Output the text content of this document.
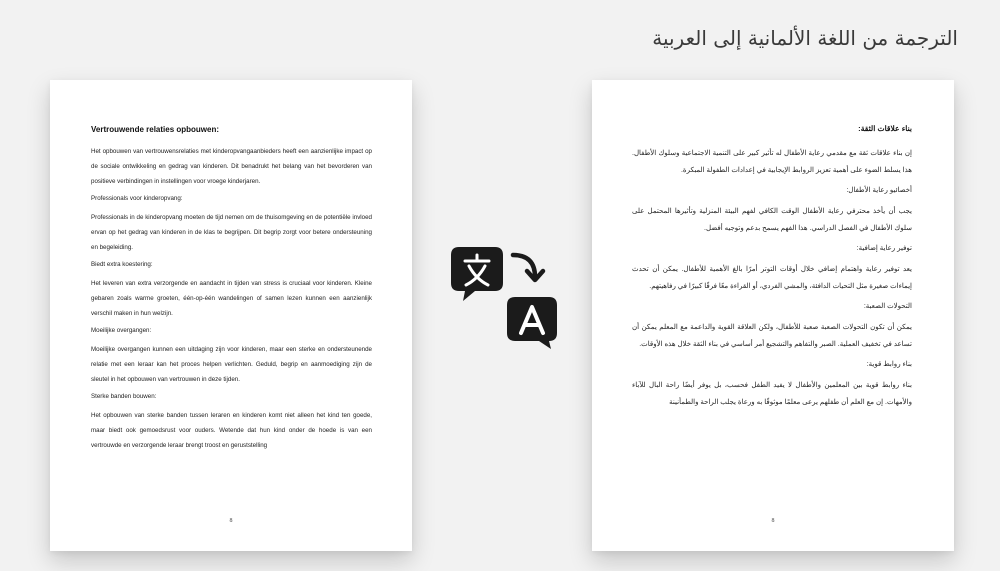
الترجمة من اللغة الألمانية إلى العربية
Vertrouwende relaties opbouwen:
Het opbouwen van vertrouwensrelaties met kinderopvangaanbieders heeft een aanzienlijke impact op de sociale ontwikkeling en gedrag van kinderen. Dit benadrukt het belang van het bevorderen van positieve verbindingen in instellingen voor vroege kinderjaren.
Professionals voor kinderopvang:
Professionals in de kinderopvang moeten de tijd nemen om de thuisomgeving en de potentiële invloed ervan op het gedrag van kinderen in de klas te begrijpen. Dit begrip zorgt voor betere ondersteuning en begeleiding.
Biedt extra koestering:
Het leveren van extra verzorgende en aandacht in tijden van stress is cruciaal voor kinderen. Kleine gebaren zoals warme groeten, één-op-één wandelingen of samen lezen kunnen een aanzienlijk verschil maken in hun welzijn.
Moeilijke overgangen:
Moeilijke overgangen kunnen een uitdaging zijn voor kinderen, maar een sterke en ondersteunende relatie met een leraar kan het proces helpen verlichten. Geduld, begrip en aanmoediging zijn de sleutel in het opbouwen van vertrouwen in deze tijden.
Sterke banden bouwen:
Het opbouwen van sterke banden tussen leraren en kinderen komt niet alleen het kind ten goede, maar biedt ook gemoedsrust voor ouders. Wetende dat hun kind onder de hoede is van een vertrouwde en verzorgende leraar brengt troost en geruststelling
8
بناء علاقات الثقة:
إن بناء علاقات ثقة مع مقدمي رعاية الأطفال له تأثير كبير على التنمية الاجتماعية وسلوك الأطفال. هذا يسلط الضوء على أهمية تعزيز الروابط الإيجابية في إعدادات الطفولة المبكرة.
أخصائيو رعاية الأطفال:
يجب أن يأخذ محترفي رعاية الأطفال الوقت الكافي لفهم البيئة المنزلية وتأثيرها المحتمل على سلوك الأطفال في الفصل الدراسي. هذا الفهم يسمح بدعم وتوجيه أفضل.
توفير رعاية إضافية:
يعد توفير رعاية واهتمام إضافي خلال أوقات التوتر أمرًا بالغ الأهمية للأطفال. يمكن أن تحدث إيماءات صغيرة مثل التحيات الدافئة، والمشي الفردي، أو القراءة معًا فرقًا كبيرًا في رفاهيتهم.
التحولات الصعبة:
يمكن أن تكون التحولات الصعبة صعبة للأطفال، ولكن العلاقة القوية والداعمة مع المعلم يمكن أن تساعد في تخفيف العملية. الصبر والتفاهم والتشجيع أمر أساسي في بناء الثقة خلال هذه الأوقات.
بناء روابط قوية:
بناء روابط قوية بين المعلمين والأطفال لا يفيد الطفل فحسب، بل يوفر أيضًا راحة البال للآباء والأمهات. إن مع العلم أن طفلهم يرعى معلمًا موثوقًا به ورعاة يجلب الراحة والطمأنينة
8
